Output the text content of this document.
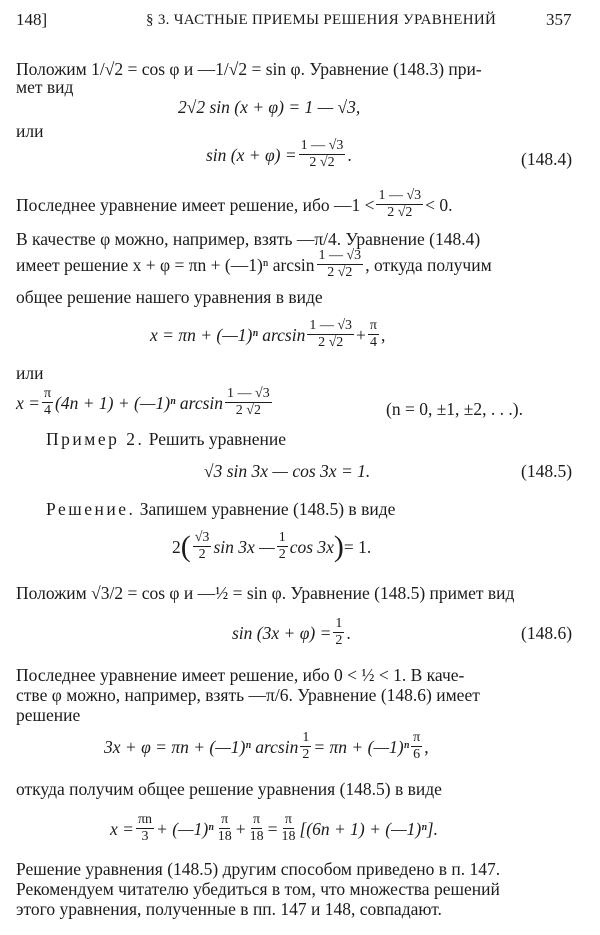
148]	§ 3. ЧАСТНЫЕ ПРИЕМЫ РЕШЕНИЯ УРАВНЕНИЙ	357
Положим 1/√2 = cos φ и —1/√2 = sin φ. Уравнение (148.3) при-
мет вид
2√2 sin (x + φ) = 1 — √3,
или
$\sin (x + \varphi) = \frac{1 — √3}{2 √2}$ .	(148.4)
Последнее уравнение имеет решение, ибо —1 < $\frac{1 — √3}{2 √2} < 0$.
В качестве φ можно, например, взять —π/4. Уравнение (148.4)
имеет решение x + φ = πn + (—1)ⁿ $\arcsin \frac{1 — √3}{2 √2}$ , откуда получим
общее решение нашего уравнения в виде
x = πn + (—1)ⁿ $\arcsin \frac{1 — √3}{2 √2} + \frac{\pi}{4}$ ,
или
$x = \frac{\pi}{4} (4n + 1)$ + (—1)ⁿ $\arcsin \frac{1 — √3}{2 √2}$	(n = 0, ±1, ±2, . . .).
Пример 2. Решить уравнение
√3 sin 3x — cos 3x = 1.	(148.5)
Решение. Запишем уравнение (148.5) в виде
2 ( $\frac{√3}{2}$ sin 3x — $\frac{1}{2}$ cos 3x ) = 1.
Положим √3/2 = cos φ и —½ = sin φ. Уравнение (148.5) примет вид
$\sin (3x + \varphi) = \frac{1}{2}$ .	(148.6)
Последнее уравнение имеет решение, ибо 0 < ½ < 1. В каче-
стве φ можно, например, взять —π/6. Уравнение (148.6) имеет
решение
3x + φ = πn + (—1)ⁿ $\arcsin \frac{1}{2} = \pi n$ + (—1)ⁿ $\frac{\pi}{6}$ ,
откуда получим общее решение уравнения (148.5) в виде
$x = \frac{\pi n}{3}$ + (—1)ⁿ $\frac{\pi}{18} + \frac{\pi}{18} = \frac{\pi}{18} [(6n + 1)$ + (—1)ⁿ].
Решение уравнения (148.5) другим способом приведено в п. 147.
Рекомендуем читателю убедиться в том, что множества решений
этого уравнения, полученные в пп. 147 и 148, совпадают.
